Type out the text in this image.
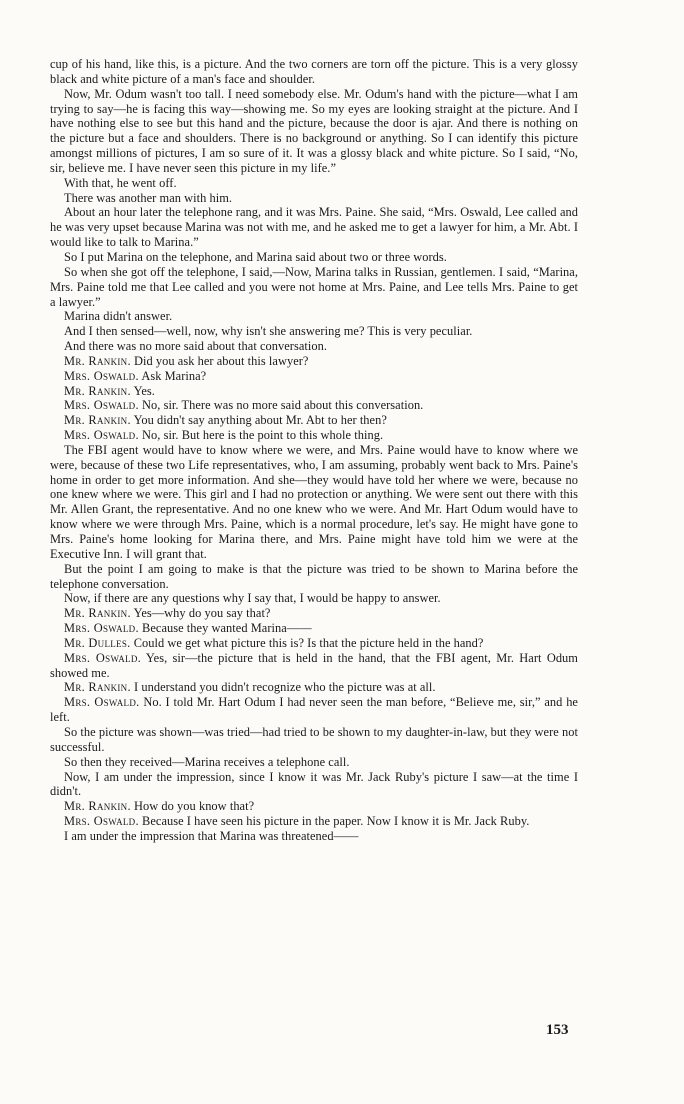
cup of his hand, like this, is a picture. And the two corners are torn off the picture. This is a very glossy black and white picture of a man's face and shoulder.

Now, Mr. Odum wasn't too tall. I need somebody else. Mr. Odum's hand with the picture—what I am trying to say—he is facing this way—showing me. So my eyes are looking straight at the picture. And I have nothing else to see but this hand and the picture, because the door is ajar. And there is nothing on the picture but a face and shoulders. There is no background or anything. So I can identify this picture amongst millions of pictures, I am so sure of it. It was a glossy black and white picture. So I said, “No, sir, believe me. I have never seen this picture in my life.”

With that, he went off.

There was another man with him.

About an hour later the telephone rang, and it was Mrs. Paine. She said, “Mrs. Oswald, Lee called and he was very upset because Marina was not with me, and he asked me to get a lawyer for him, a Mr. Abt. I would like to talk to Marina.”

So I put Marina on the telephone, and Marina said about two or three words.

So when she got off the telephone, I said,—Now, Marina talks in Russian, gentlemen. I said, “Marina, Mrs. Paine told me that Lee called and you were not home at Mrs. Paine, and Lee tells Mrs. Paine to get a lawyer.”

Marina didn't answer.

And I then sensed—well, now, why isn't she answering me? This is very peculiar.

And there was no more said about that conversation.

Mr. Rankin. Did you ask her about this lawyer?

Mrs. Oswald. Ask Marina?

Mr. Rankin. Yes.

Mrs. Oswald. No, sir. There was no more said about this conversation.

Mr. Rankin. You didn't say anything about Mr. Abt to her then?

Mrs. Oswald. No, sir. But here is the point to this whole thing.

The FBI agent would have to know where we were, and Mrs. Paine would have to know where we were, because of these two Life representatives, who, I am assuming, probably went back to Mrs. Paine's home in order to get more information. And she—they would have told her where we were, because no one knew where we were. This girl and I had no protection or anything. We were sent out there with this Mr. Allen Grant, the representative. And no one knew who we were. And Mr. Hart Odum would have to know where we were through Mrs. Paine, which is a normal procedure, let's say. He might have gone to Mrs. Paine's home looking for Marina there, and Mrs. Paine might have told him we were at the Executive Inn. I will grant that.

But the point I am going to make is that the picture was tried to be shown to Marina before the telephone conversation.

Now, if there are any questions why I say that, I would be happy to answer.

Mr. Rankin. Yes—why do you say that?

Mrs. Oswald. Because they wanted Marina——

Mr. Dulles. Could we get what picture this is? Is that the picture held in the hand?

Mrs. Oswald. Yes, sir—the picture that is held in the hand, that the FBI agent, Mr. Hart Odum showed me.

Mr. Rankin. I understand you didn't recognize who the picture was at all.

Mrs. Oswald. No. I told Mr. Hart Odum I had never seen the man before, “Believe me, sir,” and he left.

So the picture was shown—was tried—had tried to be shown to my daughter-in-law, but they were not successful.

So then they received—Marina receives a telephone call.

Now, I am under the impression, since I know it was Mr. Jack Ruby's picture I saw—at the time I didn't.

Mr. Rankin. How do you know that?

Mrs. Oswald. Because I have seen his picture in the paper. Now I know it is Mr. Jack Ruby.

I am under the impression that Marina was threatened——

153
